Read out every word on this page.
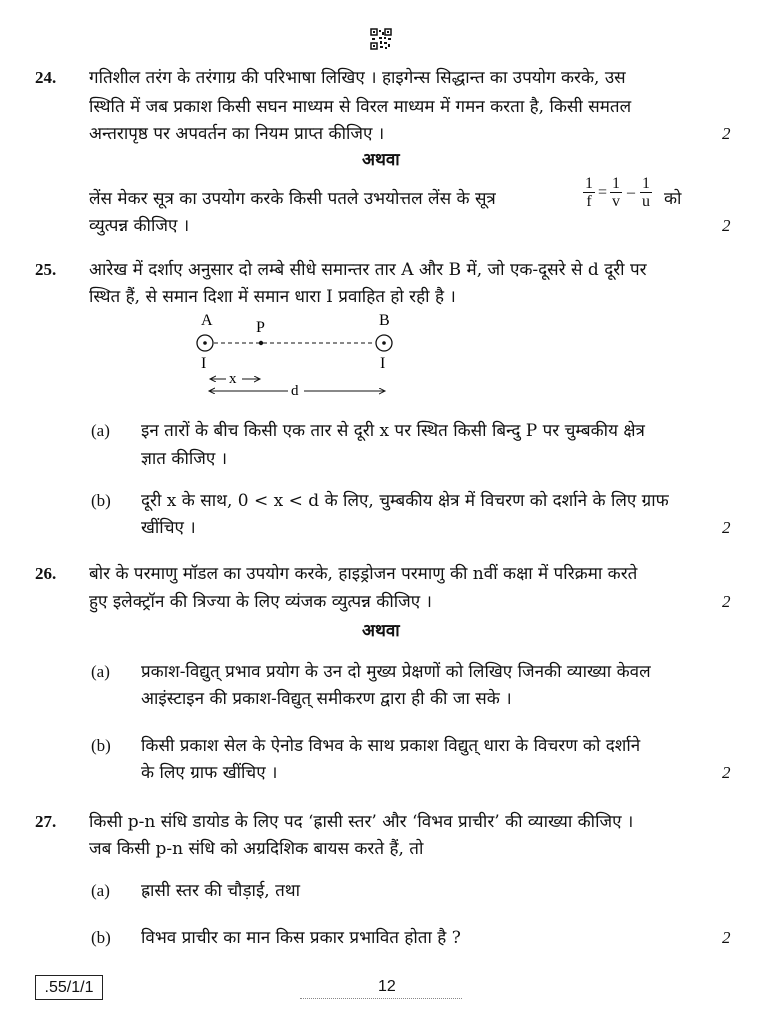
24. गतिशील तरंग के तरंगाग्र की परिभाषा लिखिए । हाइगेन्स सिद्धान्त का उपयोग करके, उस
स्थिति में जब प्रकाश किसी सघन माध्यम से विरल माध्यम में गमन करता है, किसी समतल
अन्तरापृष्ठ पर अपवर्तन का नियम प्राप्त कीजिए ।	2
अथवा
लेंस मेकर सूत्र का उपयोग करके किसी पतले उभयोत्तल लेंस के सूत्र	$\frac{1}{f} = \frac{1}{v} - \frac{1}{u}$ को
व्युत्पन्न कीजिए ।	2
25. आरेख में दर्शाए अनुसार दो लम्बे सीधे समान्तर तार A और B में, जो एक-दूसरे से d दूरी पर
स्थित हैं, से समान दिशा में समान धारा I प्रवाहित हो रही है ।
A	P	B
I	I
x
d
(a) इन तारों के बीच किसी एक तार से दूरी x पर स्थित किसी बिन्दु P पर चुम्बकीय क्षेत्र
ज्ञात कीजिए ।
(b) दूरी x के साथ, 0 < x < d के लिए, चुम्बकीय क्षेत्र में विचरण को दर्शाने के लिए ग्राफ
खींचिए ।	2
26. बोर के परमाणु मॉडल का उपयोग करके, हाइड्रोजन परमाणु की nवीं कक्षा में परिक्रमा करते
हुए इलेक्ट्रॉन की त्रिज्या के लिए व्यंजक व्युत्पन्न कीजिए ।	2
अथवा
(a) प्रकाश-विद्युत् प्रभाव प्रयोग के उन दो मुख्य प्रेक्षणों को लिखिए जिनकी व्याख्या केवल
आइंस्टाइन की प्रकाश-विद्युत् समीकरण द्वारा ही की जा सके ।
(b) किसी प्रकाश सेल के ऐनोड विभव के साथ प्रकाश विद्युत् धारा के विचरण को दर्शाने
के लिए ग्राफ खींचिए ।	2
27. किसी p-n संधि डायोड के लिए पद ‘ह्रासी स्तर’ और ‘विभव प्राचीर’ की व्याख्या कीजिए ।
जब किसी p-n संधि को अग्रदिशिक बायस करते हैं, तो
(a) ह्रासी स्तर की चौड़ाई, तथा
(b) विभव प्राचीर का मान किस प्रकार प्रभावित होता है ?	2
.55/1/1	12
